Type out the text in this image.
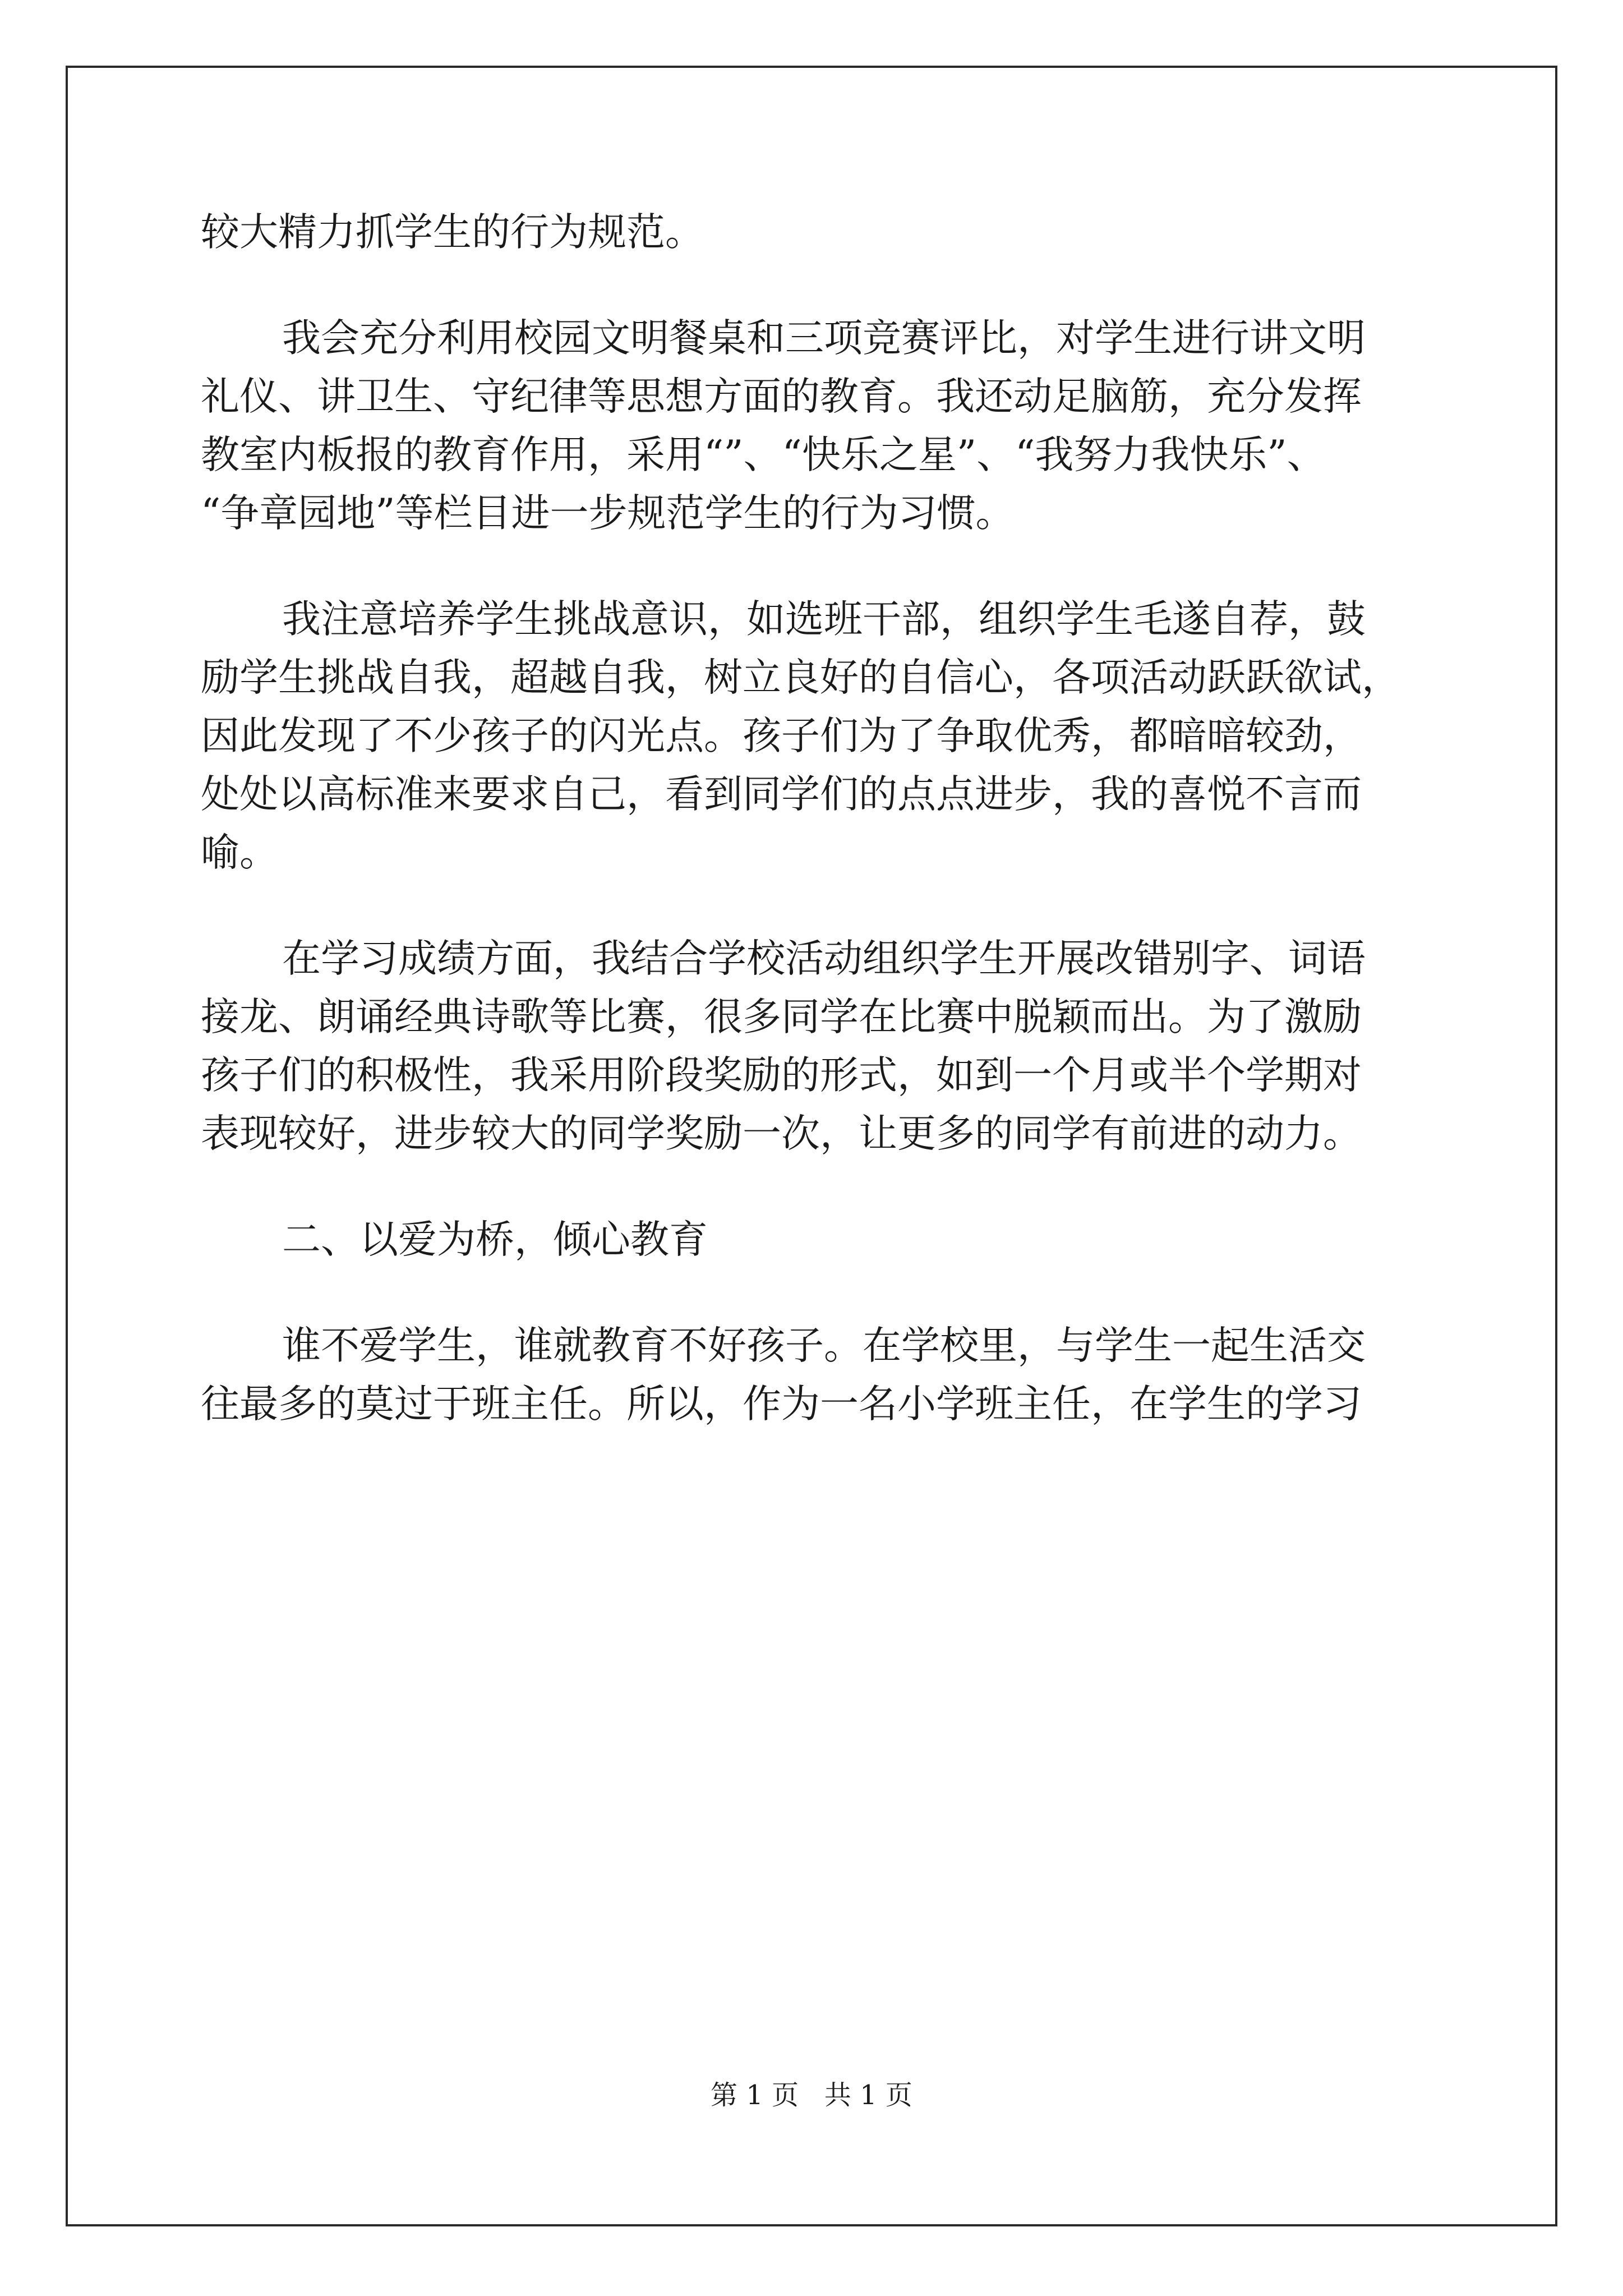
较大精力抓学生的行为规范。
我会充分利用校园文明餐桌和三项竞赛评比，对学生进行讲文明
礼仪、讲卫生、守纪律等思想方面的教育。我还动足脑筋，充分发挥
教室内板报的教育作用，采用“”、“快乐之星”、“我努力我快乐”、
“争章园地”等栏目进一步规范学生的行为习惯。
我注意培养学生挑战意识，如选班干部，组织学生毛遂自荐，鼓
励学生挑战自我，超越自我，树立良好的自信心，各项活动跃跃欲试，
因此发现了不少孩子的闪光点。孩子们为了争取优秀，都暗暗较劲，
处处以高标准来要求自己，看到同学们的点点进步，我的喜悦不言而
喻。
在学习成绩方面，我结合学校活动组织学生开展改错别字、词语
接龙、朗诵经典诗歌等比赛，很多同学在比赛中脱颖而出。为了激励
孩子们的积极性，我采用阶段奖励的形式，如到一个月或半个学期对
表现较好，进步较大的同学奖励一次，让更多的同学有前进的动力。
二、以爱为桥，倾心教育
谁不爱学生，谁就教育不好孩子。在学校里，与学生一起生活交
往最多的莫过于班主任。所以，作为一名小学班主任，在学生的学习
第 1 页   共 1 页
